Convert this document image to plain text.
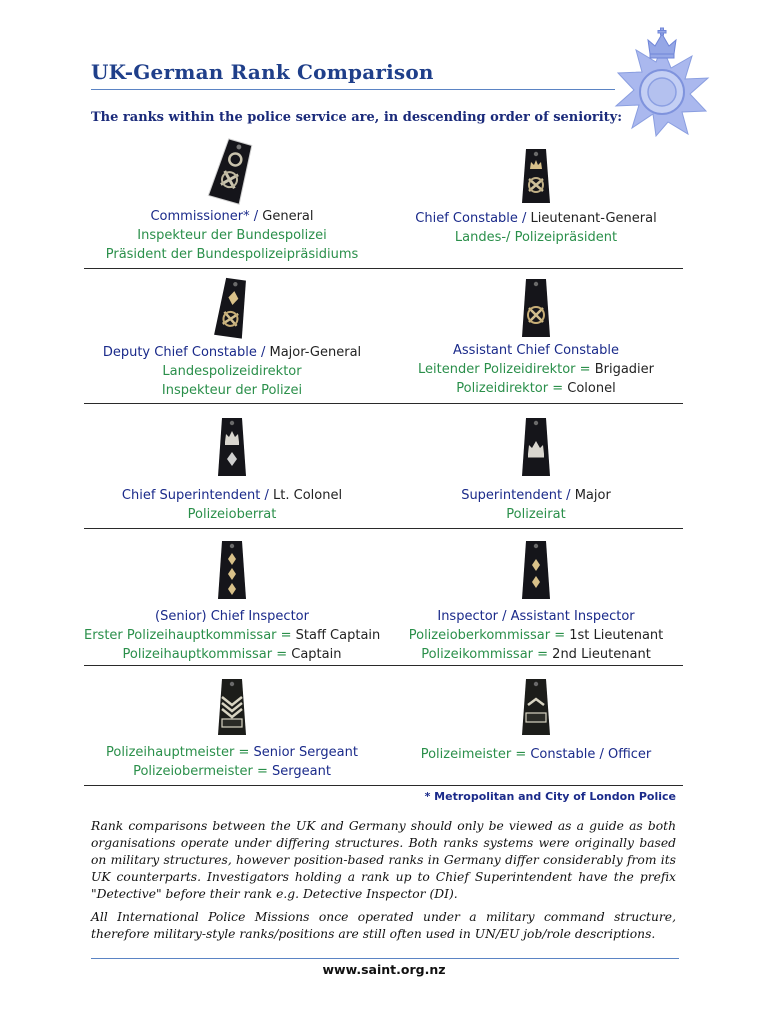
UK-German Rank Comparison
The ranks within the police service are, in descending order of seniority:
Commissioner* / General
Inspekteur der Bundespolizei
Präsident der Bundespolizeipräsidiums
Chief Constable / Lieutenant-General
Landes-/ Polizeipräsident
Deputy Chief Constable / Major-General
Landespolizeidirektor
Inspekteur der Polizei
Assistant Chief Constable
Leitender Polizeidirektor = Brigadier
Polizeidirektor = Colonel
Chief Superintendent / Lt. Colonel
Polizeioberrat
Superintendent / Major
Polizeirat
(Senior) Chief Inspector
Erster Polizeihauptkommissar = Staff Captain
Polizeihauptkommissar = Captain
Inspector / Assistant Inspector
Polizeioberkommissar = 1st Lieutenant
Polizeikommissar = 2nd Lieutenant
Polizeihauptmeister = Senior Sergeant
Polizeiobermeister = Sergeant
Polizeimeister = Constable / Officer
* Metropolitan and City of London Police

Rank comparisons between the UK and Germany should only be viewed as a guide as both organisations operate under differing structures. Both ranks systems were originally based on military structures, however position-based ranks in Germany differ considerably from its UK counterparts. Investigators holding a rank up to Chief Superintendent have the prefix "Detective" before their rank e.g. Detective Inspector (DI).

All International Police Missions once operated under a military command structure, therefore military-style ranks/positions are still often used in UN/EU job/role descriptions.

www.saint.org.nz
